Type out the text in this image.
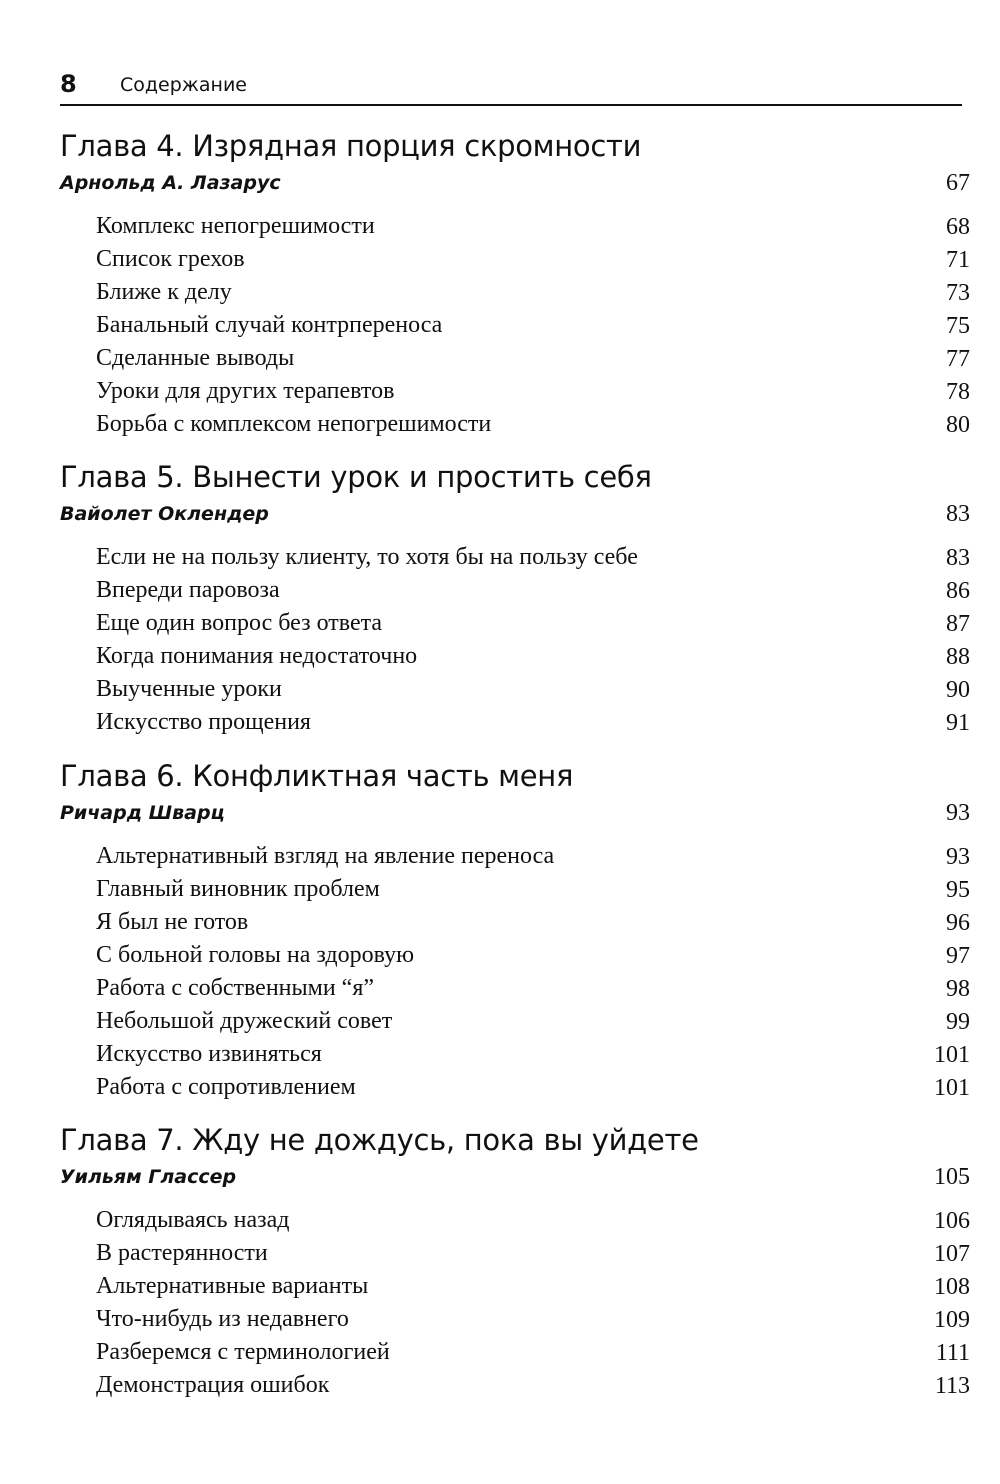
8 Содержание
Глава 4. Изрядная порция скромности
Арнольд А. Лазарус	67
Комплекс непогрешимости	68
Список грехов	71
Ближе к делу	73
Банальный случай контрпереноса	75
Сделанные выводы	77
Уроки для других терапевтов	78
Борьба с комплексом непогрешимости	80
Глава 5. Вынести урок и простить себя
Вайолет Оклендер	83
Если не на пользу клиенту, то хотя бы на пользу себе	83
Впереди паровоза	86
Еще один вопрос без ответа	87
Когда понимания недостаточно	88
Выученные уроки	90
Искусство прощения	91
Глава 6. Конфликтная часть меня
Ричард Шварц	93
Альтернативный взгляд на явление переноса	93
Главный виновник проблем	95
Я был не готов	96
С больной головы на здоровую	97
Работа с собственными “я”	98
Небольшой дружеский совет	99
Искусство извиняться	101
Работа с сопротивлением	101
Глава 7. Жду не дождусь, пока вы уйдете
Уильям Глассер	105
Оглядываясь назад	106
В растерянности	107
Альтернативные варианты	108
Что-нибудь из недавнего	109
Разберемся с терминологией	111
Демонстрация ошибок	113
